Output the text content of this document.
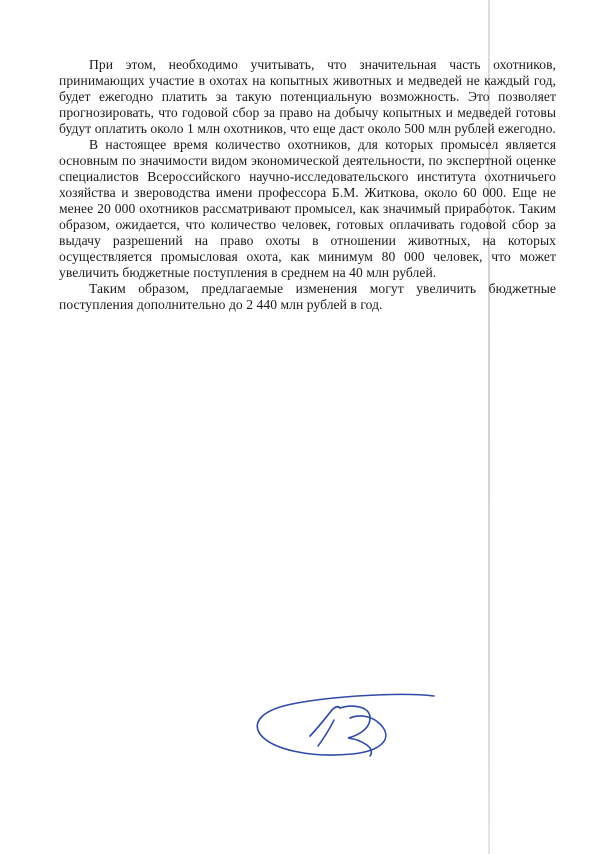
При этом, необходимо учитывать, что значительная часть охотников, принимающих участие в охотах на копытных животных и медведей не каждый год, будет ежегодно платить за такую потенциальную возможность. Это позволяет прогнозировать, что годовой сбор за право на добычу копытных и медведей готовы будут оплатить около 1 млн охотников, что еще даст около 500 млн рублей ежегодно.

В настоящее время количество охотников, для которых промысел является основным по значимости видом экономической деятельности, по экспертной оценке специалистов Всероссийского научно-исследовательского института охотничьего хозяйства и звероводства имени профессора Б.М. Житкова, около 60 000. Еще не менее 20 000 охотников рассматривают промысел, как значимый приработок. Таким образом, ожидается, что количество человек, готовых оплачивать годовой сбор за выдачу разрешений на право охоты в отношении животных, на которых осуществляется промысловая охота, как минимум 80 000 человек, что может увеличить бюджетные поступления в среднем на 40 млн рублей.

Таким образом, предлагаемые изменения могут увеличить бюджетные поступления дополнительно до 2 440 млн рублей в год.
